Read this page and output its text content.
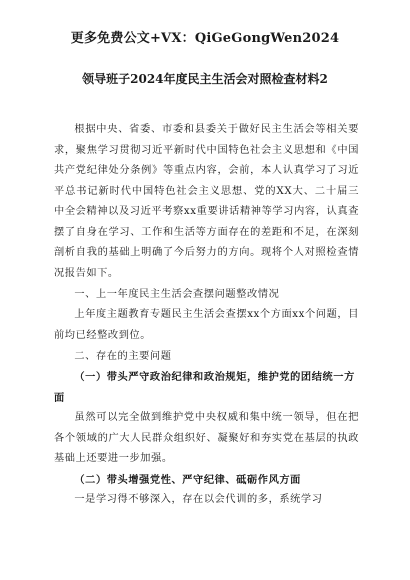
更多免费公文+VX：QiGeGongWen2024
领导班子2024年度民主生活会对照检查材料2

根据中央、省委、市委和县委关于做好民主生活会等相关要求，聚焦学习贯彻习近平新时代中国特色社会主义思想和《中国共产党纪律处分条例》等重点内容，会前，本人认真学习了习近平总书记新时代中国特色社会主义思想、党的XX大、二十届三中全会精神以及习近平考察xx重要讲话精神等学习内容，认真查摆了自身在学习、工作和生活等方面存在的差距和不足，在深刻剖析自我的基础上明确了今后努力的方向。现将个人对照检查情况报告如下。

一、上一年度民主生活会查摆问题整改情况

上年度主题教育专题民主生活会查摆xx个方面xx个问题，目前均已经整改到位。

二、存在的主要问题

（一）带头严守政治纪律和政治规矩，维护党的团结统一方面

虽然可以完全做到维护党中央权威和集中统一领导，但在把各个领域的广大人民群众组织好、凝聚好和夯实党在基层的执政基础上还要进一步加强。

（二）带头增强党性、严守纪律、砥砺作风方面

一是学习得不够深入，存在以会代训的多，系统学习
